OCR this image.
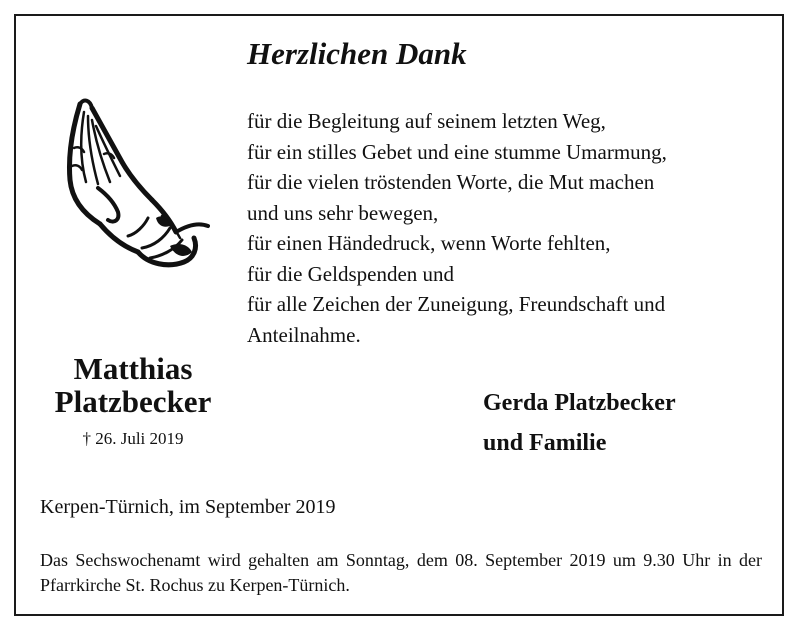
Herzlichen Dank
für die Begleitung auf seinem letzten Weg,
für ein stilles Gebet und eine stumme Umarmung,
für die vielen tröstenden Worte, die Mut machen
und uns sehr bewegen,
für einen Händedruck, wenn Worte fehlten,
für die Geldspenden und
für alle Zeichen der Zuneigung, Freundschaft und
Anteilnahme.
Matthias
Platzbecker
† 26. Juli 2019
Gerda Platzbecker
und Familie
Kerpen-Türnich, im September 2019
Das Sechswochenamt wird gehalten am Sonntag, dem 08. September 2019 um 9.30 Uhr in der Pfarrkirche St. Rochus zu Kerpen-Türnich.
